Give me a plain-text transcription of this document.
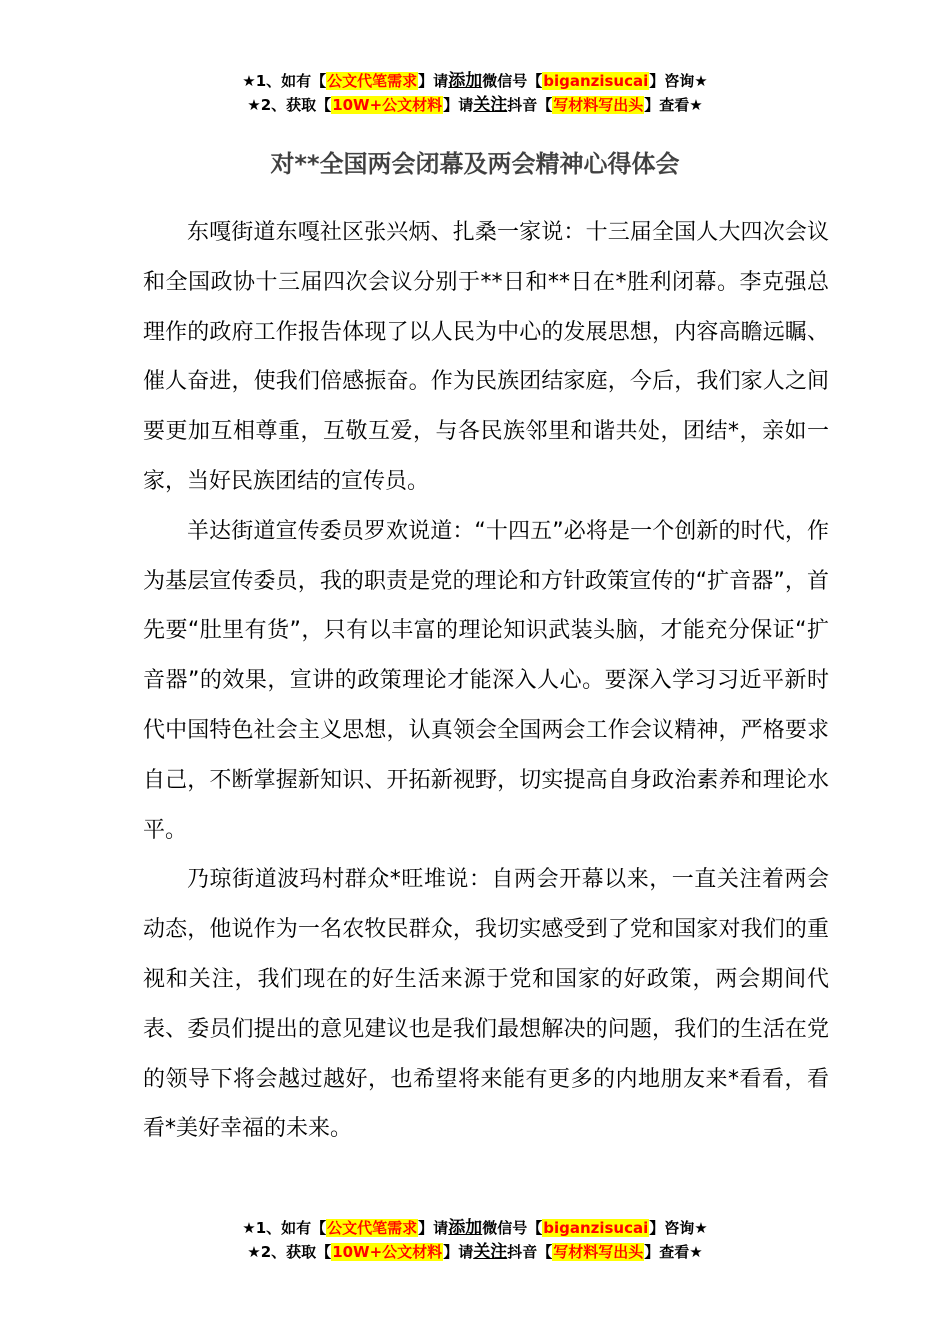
★1、如有【公文代笔需求】请添加微信号【biganzisucai】咨询★
★2、获取【10W+公文材料】请关注抖音【写材料写出头】查看★
对**全国两会闭幕及两会精神心得体会

东嘎街道东嘎社区张兴炳、扎桑一家说：十三届全国人大四次会议和全国政协十三届四次会议分别于**日和**日在*胜利闭幕。李克强总理作的政府工作报告体现了以人民为中心的发展思想，内容高瞻远瞩、催人奋进，使我们倍感振奋。作为民族团结家庭，今后，我们家人之间要更加互相尊重，互敬互爱，与各民族邻里和谐共处，团结*，亲如一家，当好民族团结的宣传员。

羊达街道宣传委员罗欢说道：“十四五”必将是一个创新的时代，作为基层宣传委员，我的职责是党的理论和方针政策宣传的“扩音器”，首先要“肚里有货”，只有以丰富的理论知识武装头脑，才能充分保证“扩音器”的效果，宣讲的政策理论才能深入人心。要深入学习习近平新时代中国特色社会主义思想，认真领会全国两会工作会议精神，严格要求自己，不断掌握新知识、开拓新视野，切实提高自身政治素养和理论水平。

乃琼街道波玛村群众*旺堆说：自两会开幕以来，一直关注着两会动态，他说作为一名农牧民群众，我切实感受到了党和国家对我们的重视和关注，我们现在的好生活来源于党和国家的好政策，两会期间代表、委员们提出的意见建议也是我们最想解决的问题，我们的生活在党的领导下将会越过越好，也希望将来能有更多的内地朋友来*看看，看看*美好幸福的未来。

★1、如有【公文代笔需求】请添加微信号【biganzisucai】咨询★
★2、获取【10W+公文材料】请关注抖音【写材料写出头】查看★
